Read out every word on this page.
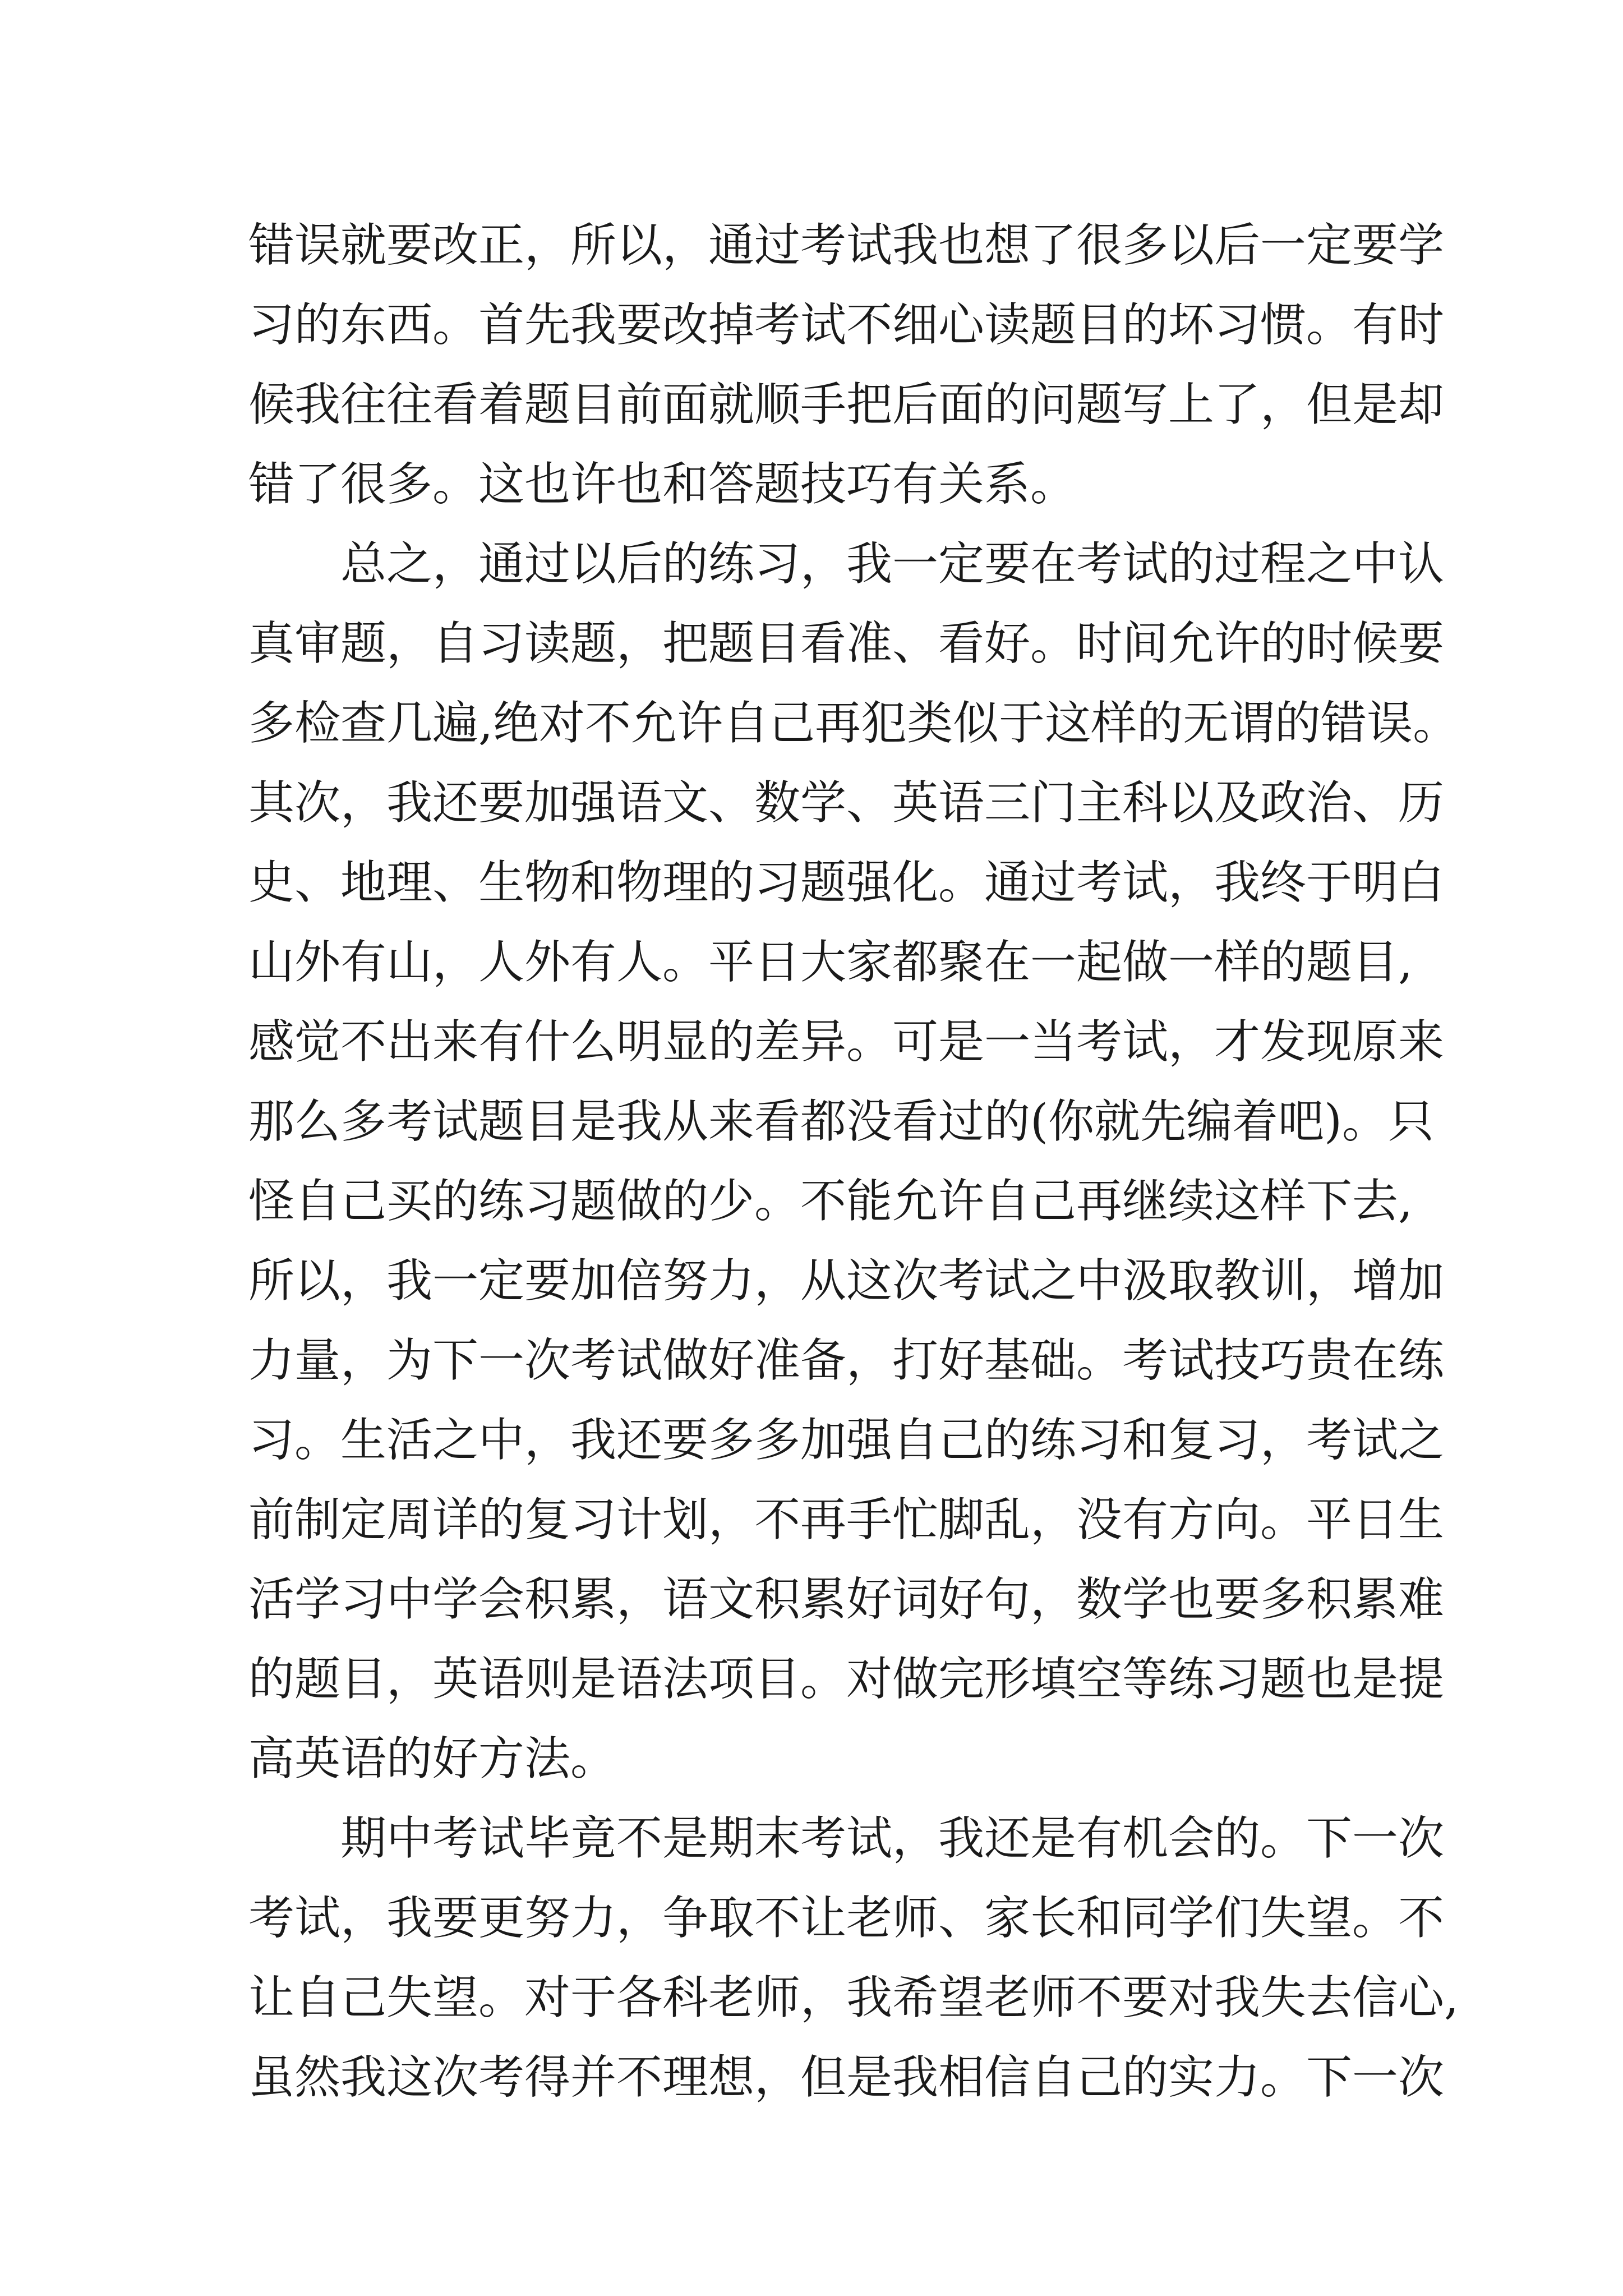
错误就要改正，所以，通过考试我也想了很多以后一定要学
习的东西。首先我要改掉考试不细心读题目的坏习惯。有时
候我往往看着题目前面就顺手把后面的问题写上了，但是却
错了很多。这也许也和答题技巧有关系。
总之，通过以后的练习，我一定要在考试的过程之中认
真审题，自习读题，把题目看准、看好。时间允许的时候要
多检查几遍,绝对不允许自己再犯类似于这样的无谓的错误。
其次，我还要加强语文、数学、英语三门主科以及政治、历
史、地理、生物和物理的习题强化。通过考试，我终于明白
山外有山，人外有人。平日大家都聚在一起做一样的题目,
感觉不出来有什么明显的差异。可是一当考试，才发现原来
那么多考试题目是我从来看都没看过的(你就先编着吧)。只
怪自己买的练习题做的少。不能允许自己再继续这样下去,
所以，我一定要加倍努力，从这次考试之中汲取教训，增加
力量，为下一次考试做好准备，打好基础。考试技巧贵在练
习。生活之中，我还要多多加强自己的练习和复习，考试之
前制定周详的复习计划，不再手忙脚乱，没有方向。平日生
活学习中学会积累，语文积累好词好句，数学也要多积累难
的题目，英语则是语法项目。对做完形填空等练习题也是提
高英语的好方法。
期中考试毕竟不是期末考试，我还是有机会的。下一次
考试，我要更努力，争取不让老师、家长和同学们失望。不
让自己失望。对于各科老师，我希望老师不要对我失去信心,
虽然我这次考得并不理想，但是我相信自己的实力。下一次
